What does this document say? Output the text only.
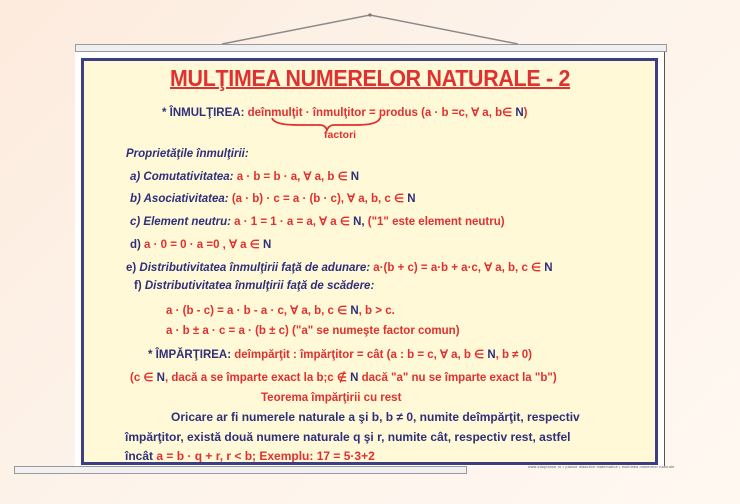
MULŢIMEA NUMERELOR NATURALE - 2
* ÎNMULŢIREA: deînmulţit · înmulţitor = produs (a · b =c, ∀ a, b∈ N)
factori
Proprietăţile înmulţirii:
a) Comutativitatea: a · b = b · a, ∀ a, b ∈ N
b) Asociativitatea: (a · b) · c = a · (b · c), ∀ a, b, c ∈ N
c) Element neutru: a · 1 = 1 · a = a, ∀ a ∈ N, ("1" este element neutru)
d) a · 0 = 0 · a =0 , ∀ a ∈ N
e) Distributivitatea înmulţirii faţă de adunare: a·(b + c) = a·b + a·c, ∀ a, b, c ∈ N
f) Distributivitatea înmulţirii faţă de scădere:
a · (b - c) = a · b - a · c, ∀ a, b, c ∈ N, b > c.
a · b ± a · c = a · (b ± c) ("a" se numeşte factor comun)
* ÎMPĂRŢIREA: deîmpărţit : împărţitor = cât (a : b = c, ∀ a, b ∈ N, b ≠ 0)
(c ∈ N, dacă a se împarte exact la b;c ∉ N dacă "a" nu se împarte exact la "b")
Teorema împărţirii cu rest
Oricare ar fi numerele naturale a şi b, b ≠ 0, numite deîmpărţit, respectiv
împărţitor, există două numere naturale q şi r, numite cât, respectiv rest, astfel
încât a = b · q + r, r < b; Exemplu: 17 = 5·3+2
www.eduplanse.ro • planse didactice matematica • multimea numerelor naturale
